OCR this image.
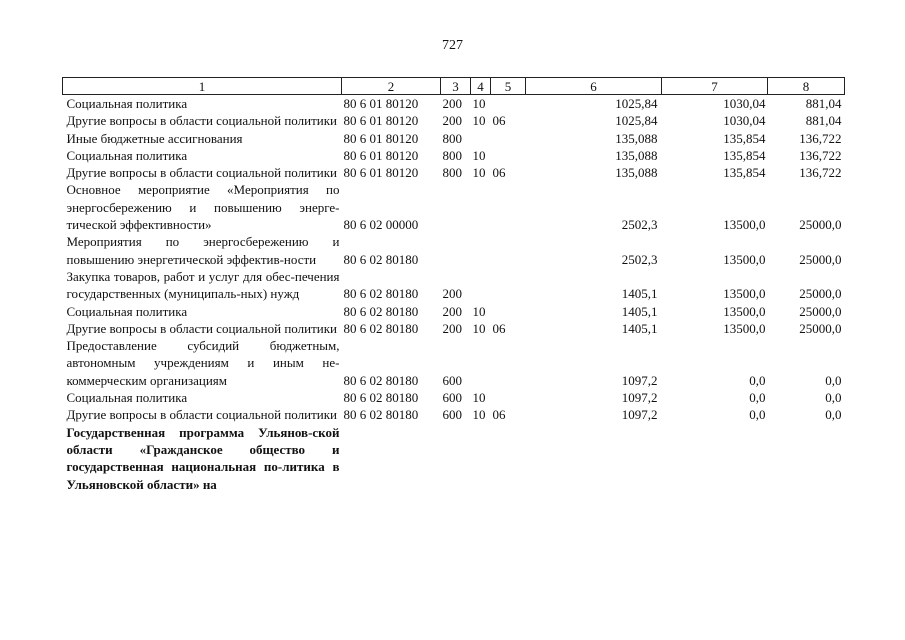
727
1	2	3	4	5	6	7	8
Социальная политика	80 6 01 80120	200	10		1025,84	1030,04	881,04
Другие вопросы в области социальной политики	80 6 01 80120	200	10	06	1025,84	1030,04	881,04
Иные бюджетные ассигнования	80 6 01 80120	800			135,088	135,854	136,722
Социальная политика	80 6 01 80120	800	10		135,088	135,854	136,722
Другие вопросы в области социальной политики	80 6 01 80120	800	10	06	135,088	135,854	136,722
Основное мероприятие «Мероприятия по энергосбережению и повышению энерге-тической эффективности»	80 6 02 00000				2502,3	13500,0	25000,0
Мероприятия по энергосбережению и повышению энергетической эффектив-ности	80 6 02 80180				2502,3	13500,0	25000,0
Закупка товаров, работ и услуг для обес-печения государственных (муниципаль-ных) нужд	80 6 02 80180	200			1405,1	13500,0	25000,0
Социальная политика	80 6 02 80180	200	10		1405,1	13500,0	25000,0
Другие вопросы в области социальной политики	80 6 02 80180	200	10	06	1405,1	13500,0	25000,0
Предоставление субсидий бюджетным, автономным учреждениям и иным не-коммерческим организациям	80 6 02 80180	600			1097,2	0,0	0,0
Социальная политика	80 6 02 80180	600	10		1097,2	0,0	0,0
Другие вопросы в области социальной политики	80 6 02 80180	600	10	06	1097,2	0,0	0,0
Государственная программа Ульянов-ской области «Гражданское общество и государственная национальная по-литика в Ульяновской области» на							
